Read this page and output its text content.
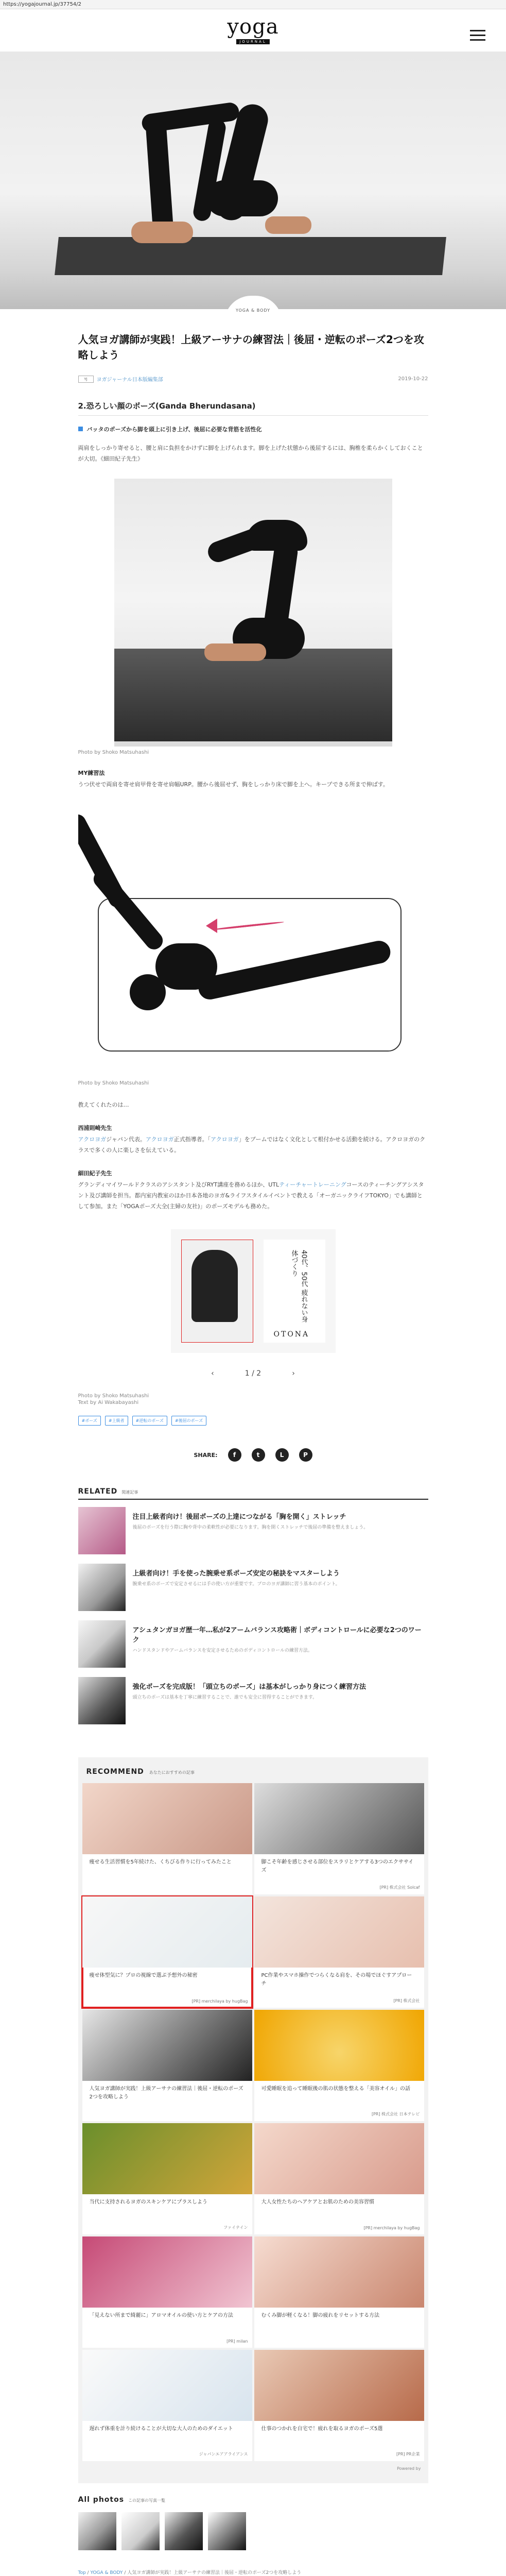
https://yogajournal.jp/37754/2
yoga
JOURNAL
YOGA & BODY
人気ヨガ講師が実践！上級アーサナの練習法｜後屈・逆転のポーズ2つを攻略しよう
YJ	ヨガジャーナル日本版編集部	2019-10-22
2.恐ろしい顔のポーズ(Ganda Bherundasana)
バッタのポーズから脚を頭上に引き上げ、後屈に必要な背筋を活性化

両肩をしっかり寄せると、腰と肩に負担をかけずに脚を上げられます。脚を上げた状態から後屈するには、胸椎を柔らかくしておくことが大切。《細田紀子先生》

Photo by Shoko Matsuhashi
MY練習法

うつ伏せで両肩を寄せ肩甲骨を寄せ肩幅URP。腰から後屈せず、胸をしっかり床で脚を上へ。キープできる所まで伸ばす。

Photo by Shoko Matsuhashi

教えてくれたのは…

西浦則崎先生

アクロヨガジャパン代表。アクロヨガ正式指導者。「アクロヨガ」をブームではなく文化として根付かせる活動を続ける。アクロヨガのクラスで多くの人に楽しさを伝えている。

細田紀子先生

グランディマイワールドクラスのアシスタント及びRYT講座を務めるほか、UTLティーチャートレーニングコースのティーチングアシスタント及び講師を担当。都内室内教室のほか日本各地のヨガ&ライフスタイルイベントで教える「オーガニックライフTOKYO」でも講師として参加。また「YOGAポーズ大全(主婦の友社)」のポーズモデルも務めた。

40代、50代 疲れない身体づくり
OTONA
‹	1 / 2	›
Photo by Shoko Matsuhashi
Text by Ai Wakabayashi
#ポーズ	#上級者	#逆転のポーズ	#後屈のポーズ
SHARE:	f	t	L	P
RELATED 関連記事
注目上級者向け！後屈ポーズの上達につながる「胸を開く」ストレッチ
後屈のポーズを行う際に胸や背中の柔軟性が必要になります。胸を開くストレッチで後屈の準備を整えましょう。
上級者向け！手を使った腕乗せ系ポーズ安定の秘訣をマスターしよう
腕乗せ系のポーズで安定させるには手の使い方が重要です。プロのヨガ講師に習う基本のポイント。
アシュタンガヨガ歴一年…私が2アームバランス攻略術｜ボディコントロールに必要な2つのワーク
ハンドスタンドやアームバランスを安定させるためのボディコントロールの練習方法。
強化ポーズを完成版！「頭立ちのポーズ」は基本がしっかり身につく練習方法
頭立ちのポーズは基本を丁寧に練習することで、誰でも安全に習得することができます。
RECOMMEND あなたにおすすめの記事
痩せる生活習慣を5年続けた、くちびる作りに行ってみたこと	脚こそ年齢を感じさせる部位をスラリとケアする3つのエクササイズ
[PR] 株式会社 Solcaf
痩せ体型気に？プロの視線で選ぶ予想外の秘密
[PR] merchilaya by hugBag
PC作業やスマホ操作でつらくなる肩を、その場でほぐすアプローチ
[PR] 株式会社
人気ヨガ講師が実践！上級アーサナの練習法｜後屈・逆転のポーズ2つを攻略しよう
可愛睡眠を追って睡眠後の肌の状態を整える「美容オイル」の話
[PR] 株式会社 日本テレビ
当代に支持されるヨガのスキンケアにプラスしよう
ファイナイン
大人女性たちのヘアケアとお肌のための美容習慣
[PR] merchilaya by hugBag
「見えない所まで綺麗に」アロマオイルの使い方とケアの方法
[PR] milan
むくみ脚が軽くなる！脚の疲れをリセットする方法
遅れず体重を計り続けることが大切な大人のためのダイエット
ジャパンエアアライアンス
仕事のつかれを自宅で！疲れを取るヨガのポーズ5選
[PR] PR企業
Powered by
All photos この記事の写真一覧
Top / YOGA & BODY / 人気ヨガ講師が実践！上級アーサナの練習法｜後屈・逆転のポーズ2つを攻略しよう
